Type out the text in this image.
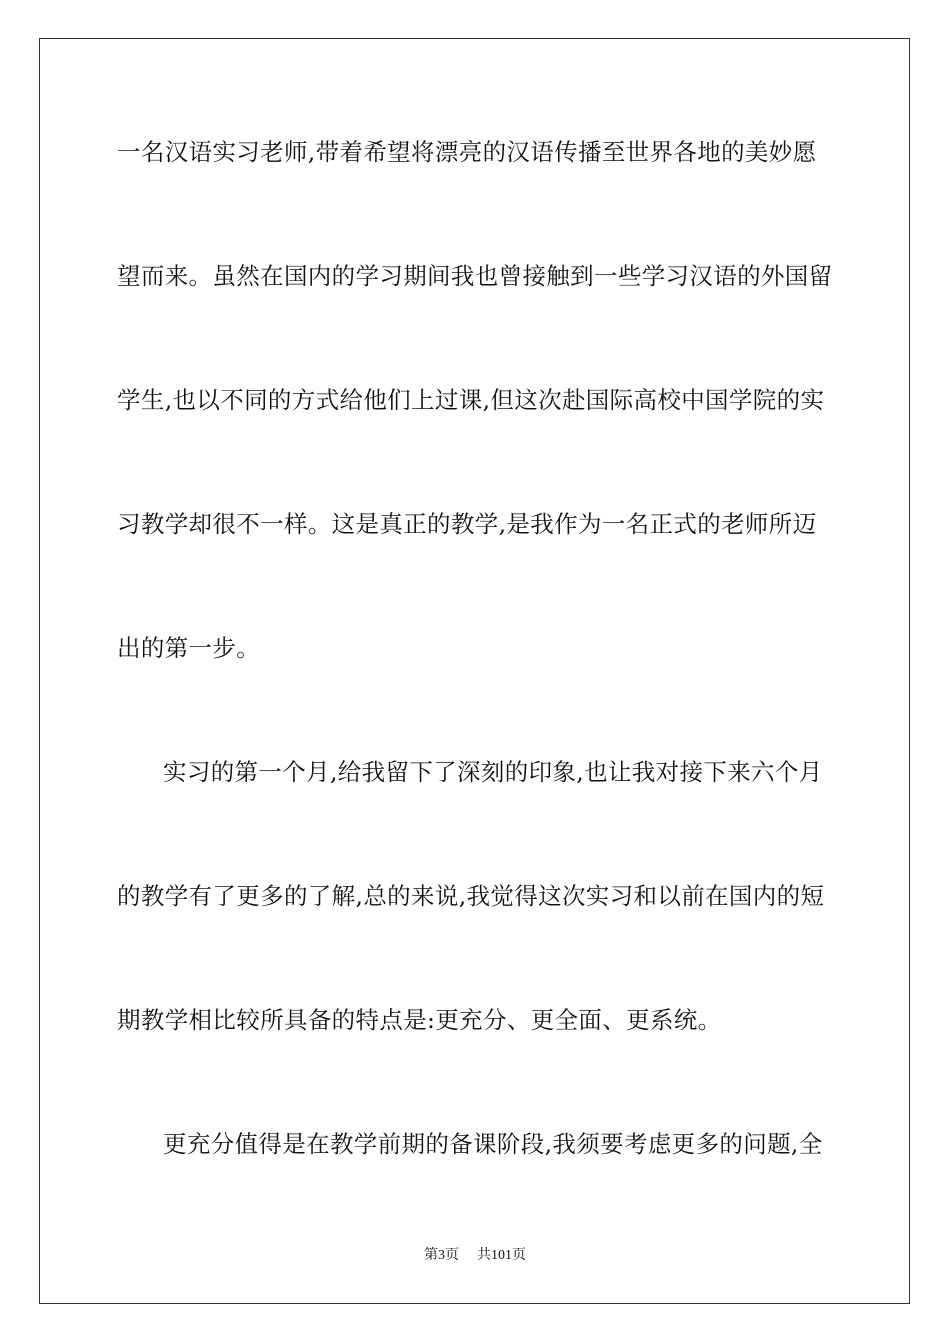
一名汉语实习老师,带着希望将漂亮的汉语传播至世界各地的美妙愿
望而来。虽然在国内的学习期间我也曾接触到一些学习汉语的外国留
学生,也以不同的方式给他们上过课,但这次赴国际高校中国学院的实
习教学却很不一样。这是真正的教学,是我作为一名正式的老师所迈
出的第一步。
实习的第一个月,给我留下了深刻的印象,也让我对接下来六个月
的教学有了更多的了解,总的来说,我觉得这次实习和以前在国内的短
期教学相比较所具备的特点是:更充分、更全面、更系统。
更充分值得是在教学前期的备课阶段,我须要考虑更多的问题,全
第3页 共101页
